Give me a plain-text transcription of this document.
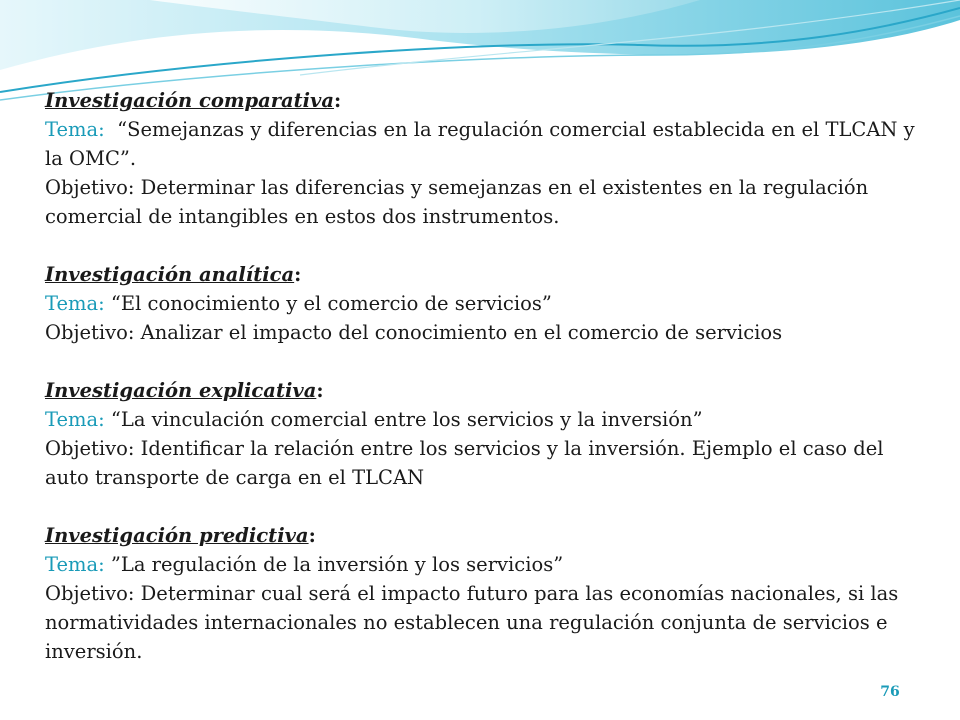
Investigación comparativa:
Tema:  “Semejanzas y diferencias en la regulación comercial establecida en el TLCAN y la OMC”.
Objetivo: Determinar las diferencias y semejanzas en el existentes en la regulación comercial de intangibles en estos dos instrumentos.
Investigación analítica:
Tema: “El conocimiento y el comercio de servicios”
Objetivo: Analizar el impacto del conocimiento en el comercio de servicios
Investigación explicativa:
Tema: “La vinculación comercial entre los servicios y la inversión”
Objetivo: Identificar la relación entre los servicios y la inversión. Ejemplo el caso del auto transporte de carga en el TLCAN
Investigación predictiva:
Tema: ”La regulación de la inversión y los servicios”
Objetivo: Determinar cual será el impacto futuro para las economías nacionales, si las normatividades internacionales no establecen una regulación conjunta de servicios e inversión.
76
